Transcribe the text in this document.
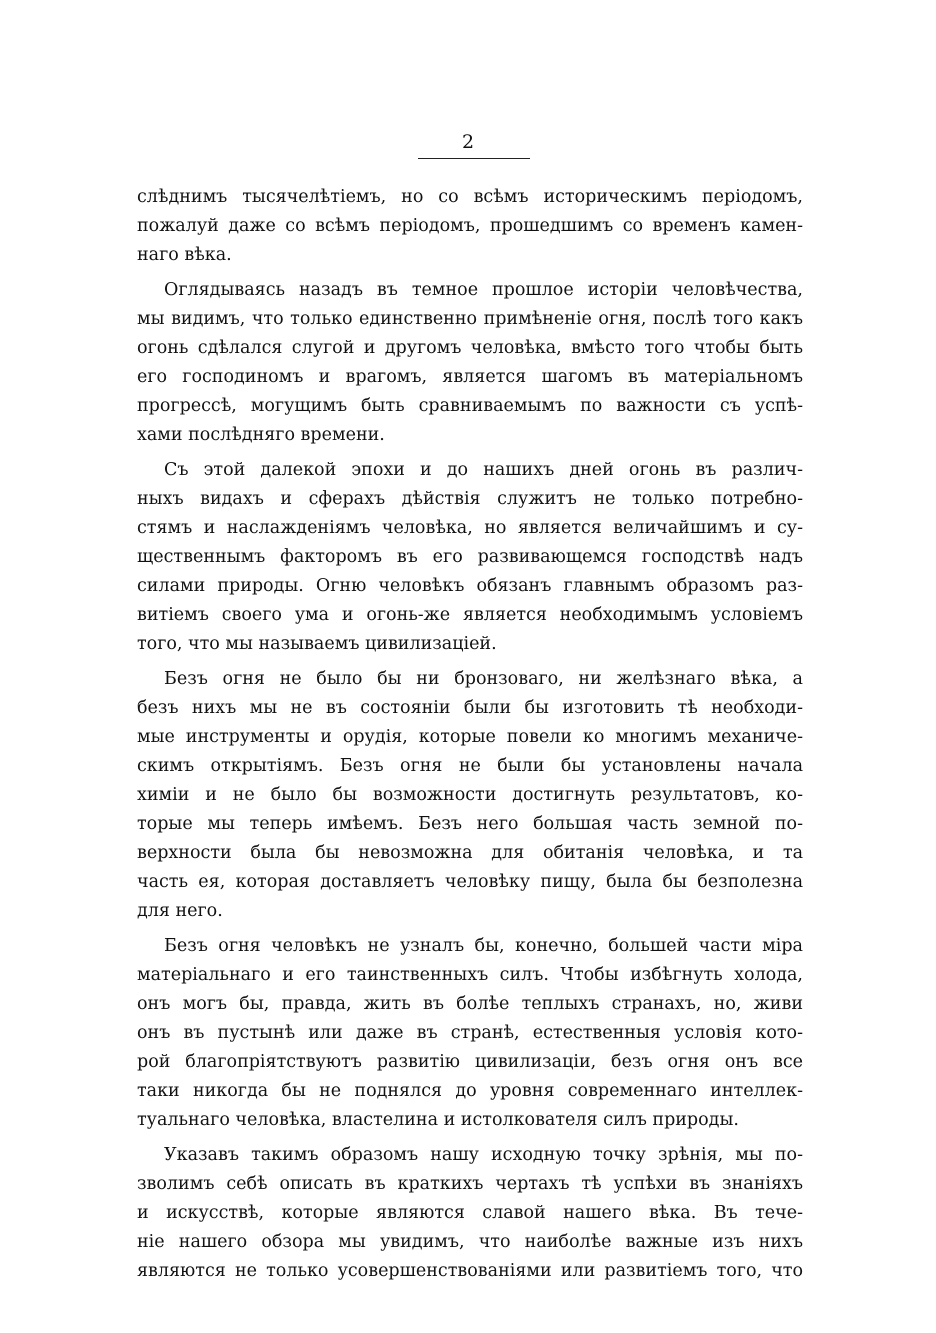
2
слѣднимъ тысячелѣтіемъ, но со всѣмъ историческимъ періодомъ,
пожалуй даже со всѣмъ періодомъ, прошедшимъ со временъ камен-
наго вѣка.
Оглядываясь назадъ въ темное прошлое исторіи человѣчества,
мы видимъ, что только единственно примѣненіе огня, послѣ того какъ
огонь сдѣлался слугой и другомъ человѣка, вмѣсто того чтобы быть
его господиномъ и врагомъ, является шагомъ въ матеріальномъ
прогрессѣ, могущимъ быть сравниваемымъ по важности съ успѣ-
хами послѣдняго времени.
Съ этой далекой эпохи и до нашихъ дней огонь въ различ-
ныхъ видахъ и сферахъ дѣйствія служитъ не только потребно-
стямъ и наслажденіямъ человѣка, но является величайшимъ и су-
щественнымъ факторомъ въ его развивающемся господствѣ надъ
силами природы. Огню человѣкъ обязанъ главнымъ образомъ раз-
витіемъ своего ума и огонь-же является необходимымъ условіемъ
того, что мы называемъ цивилизацiей.
Безъ огня не было бы ни бронзоваго, ни желѣзнаго вѣка, а
безъ нихъ мы не въ состояніи были бы изготовить тѣ необходи-
мые инструменты и орудія, которые повели ко многимъ механиче-
скимъ открытіямъ. Безъ огня не были бы установлены начала
химіи и не было бы возможности достигнуть результатовъ, ко-
торые мы теперь имѣемъ. Безъ него большая часть земной по-
верхности была бы невозможна для обитанія человѣка, и та
часть ея, которая доставляетъ человѣку пищу, была бы безполезна
для него.
Безъ огня человѣкъ не узналъ бы, конечно, большей части міра
матеріальнаго и его таинственныхъ силъ. Чтобы избѣгнуть холода,
онъ могъ бы, правда, жить въ болѣе теплыхъ странахъ, но, живи
онъ въ пустынѣ или даже въ странѣ, естественныя условія кото-
рой благопріятствуютъ развитію цивилизаціи, безъ огня онъ все
таки никогда бы не поднялся до уровня современнаго интеллек-
туальнаго человѣка, властелина и истолкователя силъ природы.
Указавъ такимъ образомъ нашу исходную точку зрѣнія, мы по-
зволимъ себѣ описать въ краткихъ чертахъ тѣ успѣхи въ знаніяхъ
и искусствѣ, которые являются славой нашего вѣка. Въ тече-
ніе нашего обзора мы увидимъ, что наиболѣе важные изъ нихъ
являются не только усовершенствованіями или развитіемъ того, что
